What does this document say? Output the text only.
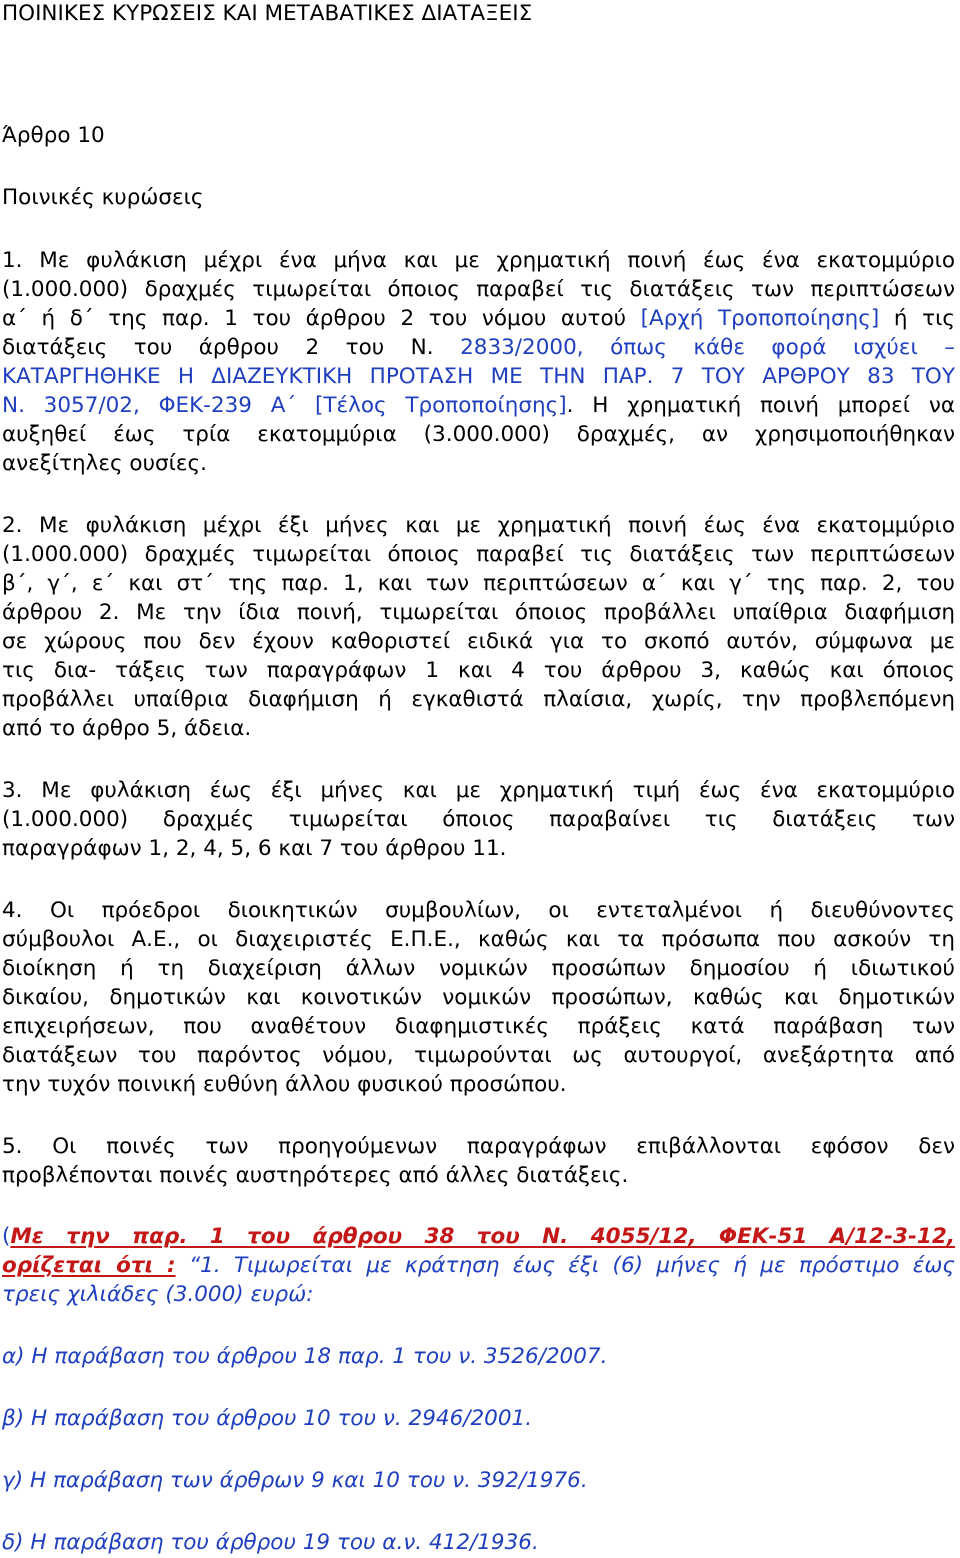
ΠΟΙΝΙΚΕΣ ΚΥΡΩΣΕΙΣ ΚΑΙ ΜΕΤΑΒΑΤΙΚΕΣ ΔΙΑΤΑΞΕΙΣ

Άρθρο 10

Ποινικές κυρώσεις

1. Με φυλάκιση μέχρι ένα μήνα και με χρηματική ποινή έως ένα εκατομμύριο

(1.000.000) δραχμές τιμωρείται όποιος παραβεί τις διατάξεις των περιπτώσεων

α΄ ή δ΄ της παρ. 1 του άρθρου 2 του νόμου αυτού [Αρχή Τροποποίησης] ή τις

διατάξεις του άρθρου 2 του Ν. 2833/2000, όπως κάθε φορά ισχύει –

ΚΑΤΑΡΓΗΘΗΚΕ Η ΔΙΑΖΕΥΚΤΙΚΗ ΠΡΟΤΑΣΗ ΜΕ ΤΗΝ ΠΑΡ. 7 ΤΟΥ ΑΡΘΡΟΥ 83 ΤΟΥ

Ν. 3057/02, ΦΕΚ-239 Α΄ [Τέλος Τροποποίησης]. Η χρηματική ποινή μπορεί να

αυξηθεί έως τρία εκατομμύρια (3.000.000) δραχμές, αν χρησιμοποιήθηκαν

ανεξίτηλες ουσίες.

2. Με φυλάκιση μέχρι έξι μήνες και με χρηματική ποινή έως ένα εκατομμύριο

(1.000.000) δραχμές τιμωρείται όποιος παραβεί τις διατάξεις των περιπτώσεων

β΄, γ΄, ε΄ και στ΄ της παρ. 1, και των περιπτώσεων α΄ και γ΄ της παρ. 2, του

άρθρου 2. Με την ίδια ποινή, τιμωρείται όποιος προβάλλει υπαίθρια διαφήμιση

σε χώρους που δεν έχουν καθοριστεί ειδικά για το σκοπό αυτόν, σύμφωνα με

τις δια- τάξεις των παραγράφων 1 και 4 του άρθρου 3, καθώς και όποιος

προβάλλει υπαίθρια διαφήμιση ή εγκαθιστά πλαίσια, χωρίς, την προβλεπόμενη

από το άρθρο 5, άδεια.

3. Με φυλάκιση έως έξι μήνες και με χρηματική τιμή έως ένα εκατομμύριο

(1.000.000) δραχμές τιμωρείται όποιος παραβαίνει τις διατάξεις των

παραγράφων 1, 2, 4, 5, 6 και 7 του άρθρου 11.

4. Οι πρόεδροι διοικητικών συμβουλίων, οι εντεταλμένοι ή διευθύνοντες

σύμβουλοι Α.Ε., οι διαχειριστές Ε.Π.Ε., καθώς και τα πρόσωπα που ασκούν τη

διοίκηση ή τη διαχείριση άλλων νομικών προσώπων δημοσίου ή ιδιωτικού

δικαίου, δημοτικών και κοινοτικών νομικών προσώπων, καθώς και δημοτικών

επιχειρήσεων, που αναθέτουν διαφημιστικές πράξεις κατά παράβαση των

διατάξεων του παρόντος νόμου, τιμωρούνται ως αυτουργοί, ανεξάρτητα από

την τυχόν ποινική ευθύνη άλλου φυσικού προσώπου.

5. Οι ποινές των προηγούμενων παραγράφων επιβάλλονται εφόσον δεν

προβλέπονται ποινές αυστηρότερες από άλλες διατάξεις.

(Με την παρ. 1 του άρθρου 38 του Ν. 4055/12, ΦΕΚ-51 Α/12-3-12,

ορίζεται ότι : “1. Τιμωρείται με κράτηση έως έξι (6) μήνες ή με πρόστιμο έως

τρεις χιλιάδες (3.000) ευρώ:

α) Η παράβαση του άρθρου 18 παρ. 1 του ν. 3526/2007.

β) Η παράβαση του άρθρου 10 του ν. 2946/2001.

γ) Η παράβαση των άρθρων 9 και 10 του ν. 392/1976.

δ) Η παράβαση του άρθρου 19 του α.ν. 412/1936.
